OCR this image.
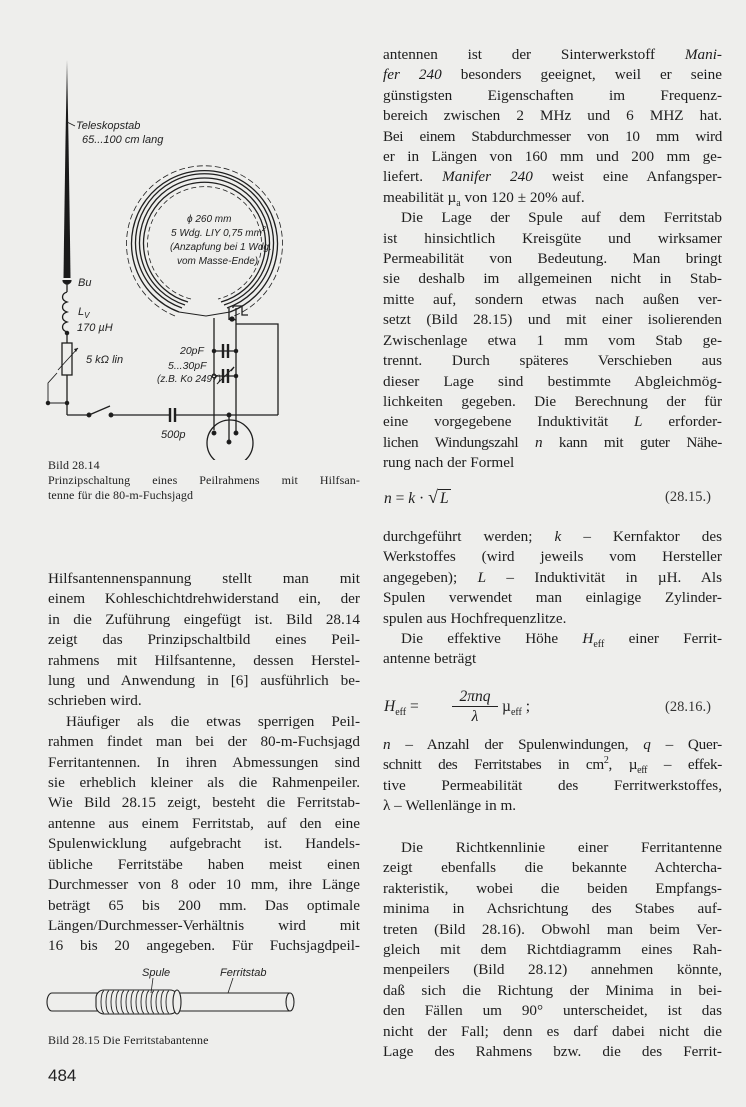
Teleskopstab
65...100 cm lang
ϕ 260 mm
5 Wdg. LIY 0,75 $mm^2$
(Anzapfung bei 1 Wdg.
vom Masse-Ende)
Bu
$L_V$
170 µH
5 kΩ lin
20pF
5...30pF
(z.B. Ko 2497)
500p
Bild 28.14
Prinzipschaltung eines Peilrahmens mit Hilfsan-
tenne für die 80-m-Fuchsjagd

Hilfsantennenspannung stellt man mit
einem Kohleschichtdrehwiderstand ein, der
in die Zuführung eingefügt ist. Bild 28.14
zeigt das Prinzipschaltbild eines Peil-
rahmens mit Hilfsantenne, dessen Herstel-
lung und Anwendung in [6] ausführlich be-
schrieben wird.

Häufiger als die etwas sperrigen Peil-
rahmen findet man bei der 80-m-Fuchsjagd
Ferritantennen. In ihren Abmessungen sind
sie erheblich kleiner als die Rahmenpeiler.
Wie Bild 28.15 zeigt, besteht die Ferritstab-
antenne aus einem Ferritstab, auf den eine
Spulenwicklung aufgebracht ist. Handels-
übliche Ferritstäbe haben meist einen
Durchmesser von 8 oder 10 mm, ihre Länge
beträgt 65 bis 200 mm. Das optimale
Längen/Durchmesser-Verhältnis wird mit
16 bis 20 angegeben. Für Fuchsjagdpeil-

Spule	Ferritstab
Bild 28.15 Die Ferritstabantenne
484

antennen ist der Sinterwerkstoff Mani-
fer 240 besonders geeignet, weil er seine
günstigsten Eigenschaften im Frequenz-
bereich zwischen 2 MHz und 6 MHZ hat.
Bei einem Stabdurchmesser von 10 mm wird
er in Längen von 160 mm und 200 mm ge-
liefert. Manifer 240 weist eine Anfangsper-
meabilität µ$_a$ von 120 ± 20% auf.

Die Lage der Spule auf dem Ferritstab
ist hinsichtlich Kreisgüte und wirksamer
Permeabilität von Bedeutung. Man bringt
sie deshalb im allgemeinen nicht in Stab-
mitte auf, sondern etwas nach außen ver-
setzt (Bild 28.15) und mit einer isolierenden
Zwischenlage etwa 1 mm vom Stab ge-
trennt. Durch späteres Verschieben aus
dieser Lage sind bestimmte Abgleichmög-
lichkeiten gegeben. Die Berechnung der für
eine vorgegebene Induktivität L erforder-
lichen Windungszahl n kann mit guter Nähe-
rung nach der Formel

n = k · √ L	(28.15.)

durchgeführt werden; k – Kernfaktor des
Werkstoffes (wird jeweils vom Hersteller
angegeben); L – Induktivität in µH. Als
Spulen verwendet man einlagige Zylinder-
spulen aus Hochfrequenzlitze.

Die effektive Höhe $H_{eff}$ einer Ferrit-
antenne beträgt

$H_{eff}$ =
2πnq
λ
µ$_{eff}$ ;	(28.16.)

n – Anzahl der Spulenwindungen, q – Quer-
schnitt des Ferritstabes in $cm^2$, µ$_{eff}$ – effek-
tive Permeabilität des Ferritwerkstoffes,
λ – Wellenlänge in m.

Die Richtkennlinie einer Ferritantenne
zeigt ebenfalls die bekannte Achtercha-
rakteristik, wobei die beiden Empfangs-
minima in Achsrichtung des Stabes auf-
treten (Bild 28.16). Obwohl man beim Ver-
gleich mit dem Richtdiagramm eines Rah-
menpeilers (Bild 28.12) annehmen könnte,
daß sich die Richtung der Minima in bei-
den Fällen um 90° unterscheidet, ist das
nicht der Fall; denn es darf dabei nicht die
Lage des Rahmens bzw. die des Ferrit-
